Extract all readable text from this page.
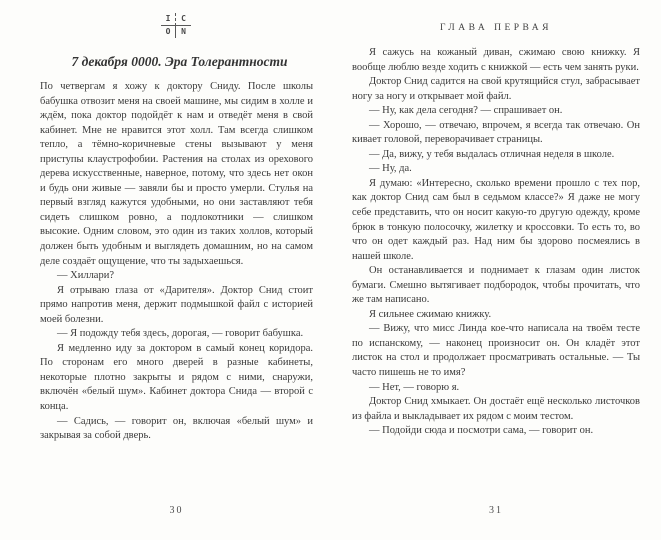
I	C
O	N
7 декабря 0000. Эра Толерантности

По четвергам я хожу к доктору Сниду. После школы бабушка отвозит меня на своей машине, мы сидим в холле и ждём, пока доктор подойдёт к нам и отведёт меня в свой кабинет. Мне не нравится этот холл. Там всегда слишком тепло, а тёмно-коричневые стены вызывают у меня приступы клаустрофобии. Растения на столах из орехового дерева искусственные, наверное, потому, что здесь нет окон и будь они живые — завяли бы и просто умерли. Стулья на первый взгляд кажутся удобными, но они заставляют тебя сидеть слишком ровно, а подлокотники — слишком высокие. Одним словом, это один из таких холлов, который должен быть удобным и выглядеть домашним, но на самом деле создаёт ощущение, что ты задыхаешься.

— Хиллари?

Я отрываю глаза от «Дарителя». Доктор Снид стоит прямо напротив меня, держит подмышкой файл с историей моей болезни.

— Я подожду тебя здесь, дорогая, — говорит бабушка.

Я медленно иду за доктором в самый конец коридора. По сторонам его много дверей в разные кабинеты, некоторые плотно закрыты и рядом с ними, снаружи, включён «белый шум». Кабинет доктора Снида — второй с конца.

— Садись, — говорит он, включая «белый шум» и закрывая за собой дверь.

30
ГЛАВА ПЕРВАЯ

Я сажусь на кожаный диван, сжимаю свою книжку. Я вообще люблю везде ходить с книжкой — есть чем занять руки.

Доктор Снид садится на свой крутящийся стул, забрасывает ногу за ногу и открывает мой файл.

— Ну, как дела сегодня? — спрашивает он.

— Хорошо, — отвечаю, впрочем, я всегда так отвечаю. Он кивает головой, переворачивает страницы.

— Да, вижу, у тебя выдалась отличная неделя в школе.

— Ну, да.

Я думаю: «Интересно, сколько времени прошло с тех пор, как доктор Снид сам был в седьмом классе?» Я даже не могу себе представить, что он носит какую-то другую одежду, кроме брюк в тонкую полосочку, жилетку и кроссовки. То есть то, во что он одет каждый раз. Над ним бы здорово посмеялись в нашей школе.

Он останавливается и поднимает к глазам один листок бумаги. Смешно вытягивает подбородок, чтобы прочитать, что же там написано.

Я сильнее сжимаю книжку.

— Вижу, что мисс Линда кое-что написала на твоём тесте по испанскому, — наконец произносит он. Он кладёт этот листок на стол и продолжает просматривать остальные. — Ты часто пишешь не то имя?

— Нет, — говорю я.

Доктор Снид хмыкает. Он достаёт ещё несколько листочков из файла и выкладывает их рядом с моим тестом.

— Подойди сюда и посмотри сама, — говорит он.

31
